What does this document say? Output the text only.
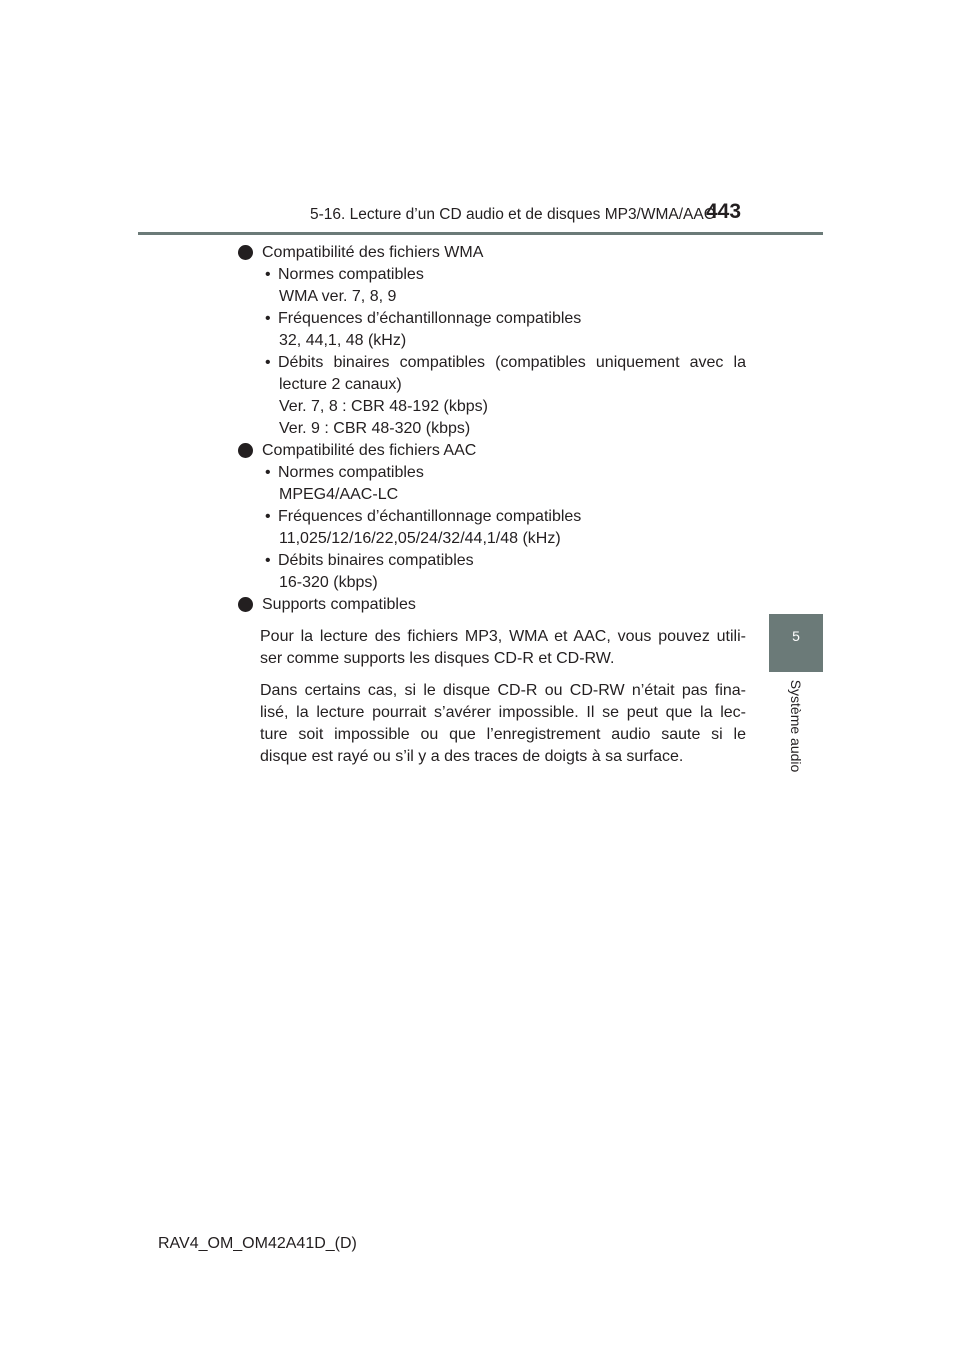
5-16. Lecture d’un CD audio et de disques MP3/WMA/AAC
443
5
Système audio
Compatibilité des fichiers WMA
• Normes compatibles
WMA ver. 7, 8, 9
• Fréquences d’échantillonnage compatibles
32, 44,1, 48 (kHz)
• Débits binaires compatibles (compatibles uniquement avec la
lecture 2 canaux)
Ver. 7, 8 : CBR 48-192 (kbps)
Ver. 9 : CBR 48-320 (kbps)
Compatibilité des fichiers AAC
• Normes compatibles
MPEG4/AAC-LC
• Fréquences d’échantillonnage compatibles
11,025/12/16/22,05/24/32/44,1/48 (kHz)
• Débits binaires compatibles
16-320 (kbps)
Supports compatibles
Pour la lecture des fichiers MP3, WMA et AAC, vous pouvez utili-
ser comme supports les disques CD-R et CD-RW.
Dans certains cas, si le disque CD-R ou CD-RW n’était pas fina-
lisé, la lecture pourrait s’avérer impossible. Il se peut que la lec-
ture soit impossible ou que l’enregistrement audio saute si le
disque est rayé ou s’il y a des traces de doigts à sa surface.
RAV4_OM_OM42A41D_(D)
